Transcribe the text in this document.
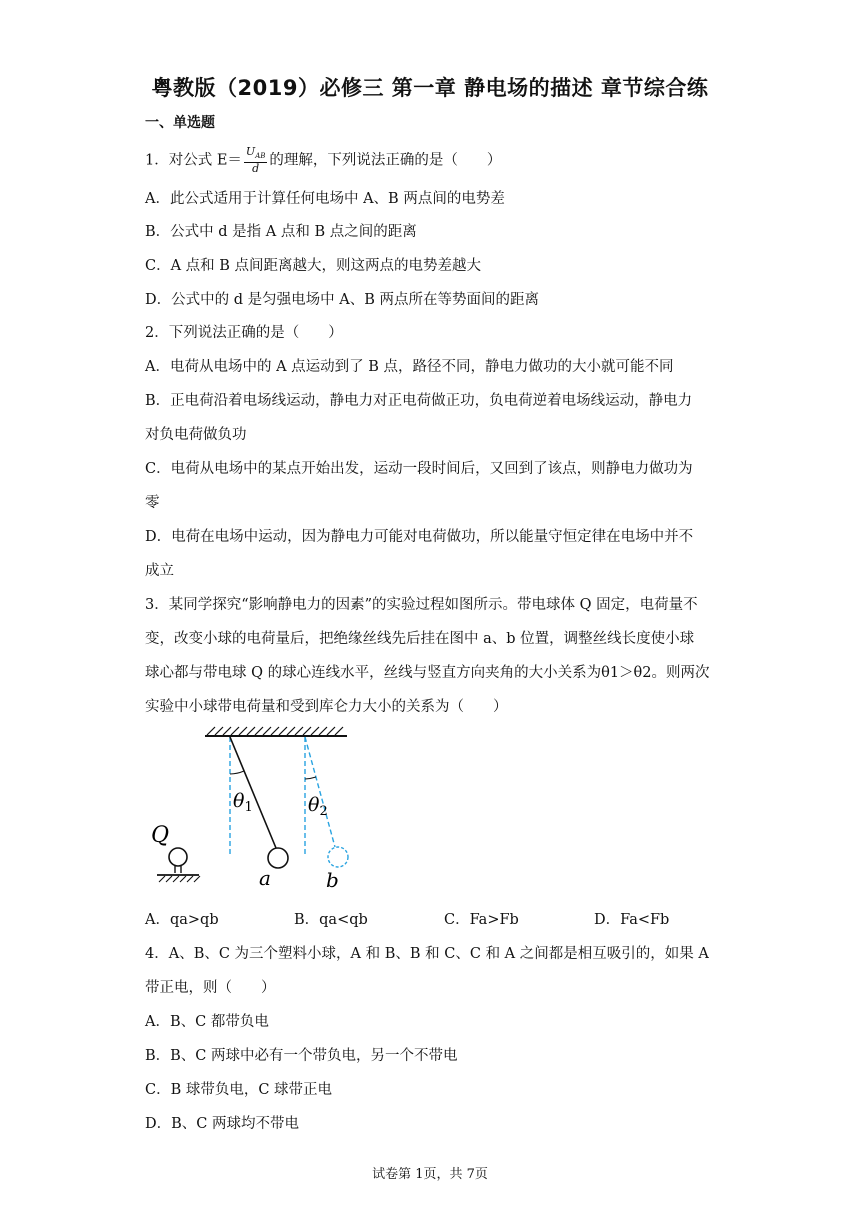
粤教版（2019）必修三 第一章 静电场的描述 章节综合练
一、单选题
1．对公式 $E= \frac{U_{AB}}{d}$ 的理解，下列说法正确的是（　　）
A．此公式适用于计算任何电场中 A、B 两点间的电势差
B．公式中 d 是指 A 点和 B 点之间的距离
C．A 点和 B 点间距离越大，则这两点的电势差越大
D．公式中的 d 是匀强电场中 A、B 两点所在等势面间的距离
2．下列说法正确的是（　　）
A．电荷从电场中的 A 点运动到了 B 点，路径不同，静电力做功的大小就可能不同
B．正电荷沿着电场线运动，静电力对正电荷做正功，负电荷逆着电场线运动，静电力
对负电荷做负功
C．电荷从电场中的某点开始出发，运动一段时间后，又回到了该点，则静电力做功为
零
D．电荷在电场中运动，因为静电力可能对电荷做功，所以能量守恒定律在电场中并不
成立
3．某同学探究“影响静电力的因素”的实验过程如图所示。带电球体 Q 固定，电荷量不
变，改变小球的电荷量后，把绝缘丝线先后挂在图中 a、b 位置，调整丝线长度使小球
球心都与带电球 Q 的球心连线水平，丝线与竖直方向夹角的大小关系为θ1＞θ2。则两次
实验中小球带电荷量和受到库仑力大小的关系为（　　）
Q
a	b
$\theta_1$	$\theta_2$
A．qa>qb	B．qa<qb	C．Fa>Fb	D．Fa<Fb
4．A、B、C 为三个塑料小球，A 和 B、B 和 C、C 和 A 之间都是相互吸引的，如果 A
带正电，则（　　）
A．B、C 都带负电
B．B、C 两球中必有一个带负电，另一个不带电
C．B 球带负电，C 球带正电
D．B、C 两球均不带电
试卷第 1页，共 7页
